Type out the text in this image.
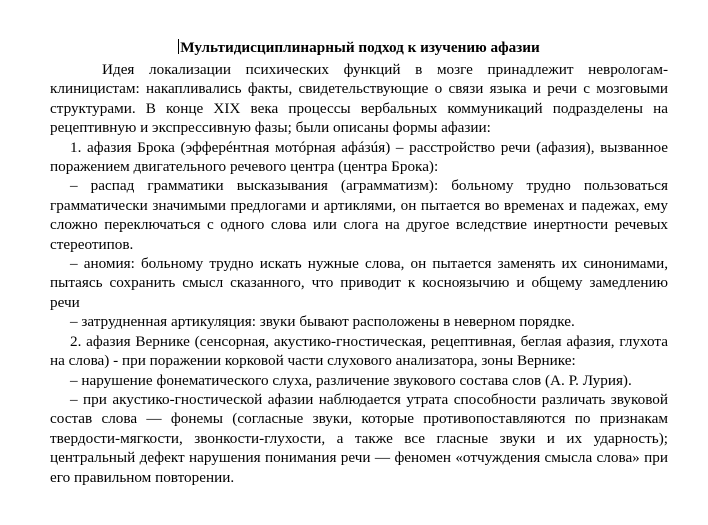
Мультидисциплинарный подход к изучению афазии

Идея локализации психических функций в мозге принадлежит неврологам-клиницистам: накапливались факты, свидетельствующие о связи языка и речи с мозговыми структурами. В конце XIX века процессы вербальных коммуникаций подразделены на рецептивную и экспрессивную фазы; были описаны формы афазии:

1. афазия Брока (эфферéнтная мотóрная афáзúя) – расстройство речи (афазия), вызванное поражением двигательного речевого центра (центра Брока):

– распад грамматики высказывания (аграмматизм): больному трудно пользоваться грамматически значимыми предлогами и артиклями, он пытается во временах и падежах, ему сложно переключаться с одного слова или слога на другое вследствие инертности речевых стереотипов.

– аномия: больному трудно искать нужные слова, он пытается заменять их синонимами, пытаясь сохранить смысл сказанного, что приводит к косноязычию и общему замедлению речи

– затрудненная артикуляция: звуки бывают расположены в неверном порядке.

2. афазия Вернике (сенсорная, акустико-гностическая, рецептивная, беглая афазия, глухота на слова) - при поражении корковой части слухового анализатора, зоны Вернике:

– нарушение фонематического слуха, различение звукового состава слов (А. Р. Лурия).

– при акустико-гностической афазии наблюдается утрата способности различать звуковой состав слова — фонемы (согласные звуки, которые противопоставляются по признакам твердости-мягкости, звонкости-глухости, а также все гласные звуки и их ударность); центральный дефект нарушения понимания речи — феномен «отчуждения смысла слова» при его правильном повторении.
